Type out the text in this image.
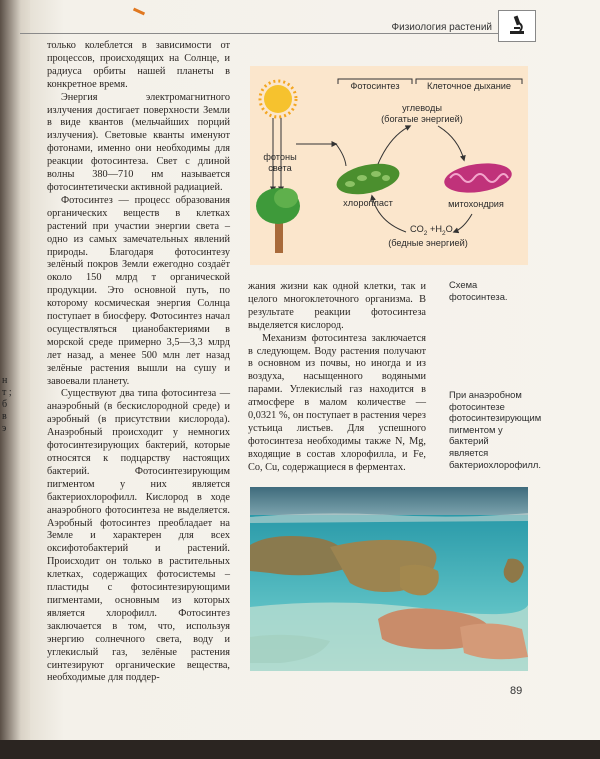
Физиология растений
н т ; б в э

только колеблется в зависимости от процессов, происходящих на Солнце, и радиуса орбиты нашей планеты в конкретное время.

Энергия электромагнитного излучения достигает поверхности Земли в виде квантов (мельчайших порций излучения). Световые кванты именуют фотонами, именно они необходимы для реакции фотосинтеза. Свет с длиной волны 380—710 нм называется фотосинтетически активной радиацией.

Фотосинтез — процесс образования органических веществ в клетках растений при участии энергии света – одно из самых замечательных явлений природы. Благодаря фотосинтезу зелёный покров Земли ежегодно создаёт около 150 млрд т органической продукции. Это основной путь, по которому космическая энергия Солнца поступает в биосферу. Фотосинтез начал осуществляться цианобактериями в морской среде примерно 3,5—3,3 млрд лет назад, а менее 500 млн лет назад зелёные растения вышли на сушу и завоевали планету.

Существуют два типа фотосинтеза — анаэробный (в бескислородной среде) и аэробный (в присутствии кислорода). Анаэробный происходит у немногих фотосинтезирующих бактерий, которые относятся к подцарству настоящих бактерий. Фотосинтезирующим пигментом у них является бактериохлорофилл. Кислород в ходе анаэробного фотосинтеза не выделяется. Аэробный фотосинтез преобладает на Земле и характерен для всех оксифотобактерий и растений. Происходит он только в растительных клетках, содержащих фотосистемы – пластиды с фотосинтезирующими пигментами, основным из которых является хлорофилл. Фотосинтез заключается в том, что, используя энергию солнечного света, воду и углекислый газ, зелёные растения синтезируют органические вещества, необходимые для поддер-

фотоны
света
Фотосинтез	Клеточное дыхание
углеводы
(богатые энергией)
хлоропласт	митохондрия
$CO_2 +H_2O$
(бедные энергией)
Схема фотосинтеза.

жания жизни как одной клетки, так и целого многоклеточного организма. В результате реакции фотосинтеза выделяется кислород.

Механизм фотосинтеза заключается в следующем. Воду растения получают в основном из почвы, но иногда и из воздуха, насыщенного водяными парами. Углекислый газ находится в атмосфере в малом количестве — 0,0321 %, он поступает в растения через устьица листьев. Для успешного фотосинтеза необходимы также N, Mg, входящие в состав хлорофилла, и Fe, Co, Cu, содержащиеся в ферментах.

При анаэробном фотосинтезе фотосинтезирующим пигментом у бактерий является бактериохлорофилл.
89
